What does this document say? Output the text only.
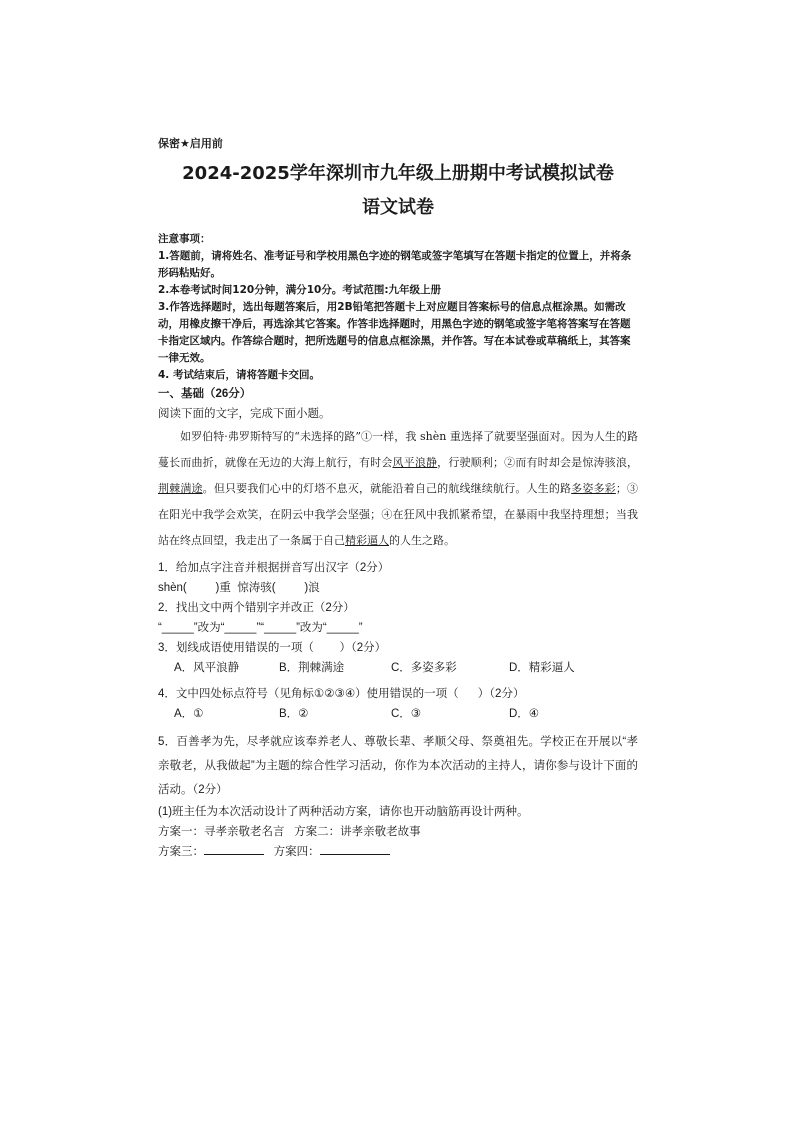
保密★启用前
2024-2025学年深圳市九年级上册期中考试模拟试卷
语文试卷

注意事项：

1.答题前，请将姓名、准考证号和学校用黑色字迹的钢笔或签字笔填写在答题卡指定的位置上，并将条形码粘贴好。

2.本卷考试时间120分钟，满分10分。考试范围:九年级上册

3.作答选择题时，选出每题答案后，用2B铅笔把答题卡上对应题目答案标号的信息点框涂黑。如需改动，用橡皮擦干净后，再选涂其它答案。作答非选择题时，用黑色字迹的钢笔或签字笔将答案写在答题卡指定区域内。作答综合题时，把所选题号的信息点框涂黑，并作答。写在本试卷或草稿纸上，其答案一律无效。

4. 考试结束后，请将答题卡交回。

一、基础（26分）

阅读下面的文字，完成下面小题。

如罗伯特·弗罗斯特写的“未选择的路”①一样，我 shèn 重选择了就要坚强面对。因为人生的路蔓长而曲折，就像在无边的大海上航行，有时会风平浪静，行驶顺利；②而有时却会是惊涛骇浪，荆棘满途。但只要我们心中的灯塔不息灭，就能沿着自己的航线继续航行。人生的路多姿多彩；③在阳光中我学会欢笑，在阴云中我学会坚强；④在狂风中我抓紧希望，在暴雨中我坚持理想；当我站在终点回望，我走出了一条属于自己精彩逼人的人生之路。

1．给加点字注音并根据拼音写出汉字（2分）

shèn(         )重  惊涛骇(         )浪

2．找出文中两个错别字并改正（2分）

“_____”改为“_____”“_____”改为“_____”

3．划线成语使用错误的一项（        ）（2分）

A．风平浪静	B．荆棘满途	C．多姿多彩	D．精彩逼人

4．文中四处标点符号（见角标①②③④）使用错误的一项（      ）（2分）

A．①	B．②	C．③	D．④

5．百善孝为先，尽孝就应该奉养老人、尊敬长辈、孝顺父母、祭奠祖先。学校正在开展以“孝亲敬老，从我做起”为主题的综合性学习活动，你作为本次活动的主持人，请你参与设计下面的活动。（2分）

(1)班主任为本次活动设计了两种活动方案，请你也开动脑筋再设计两种。

方案一：寻孝亲敬老名言   方案二：讲孝亲敬老故事

方案三：	方案四：
